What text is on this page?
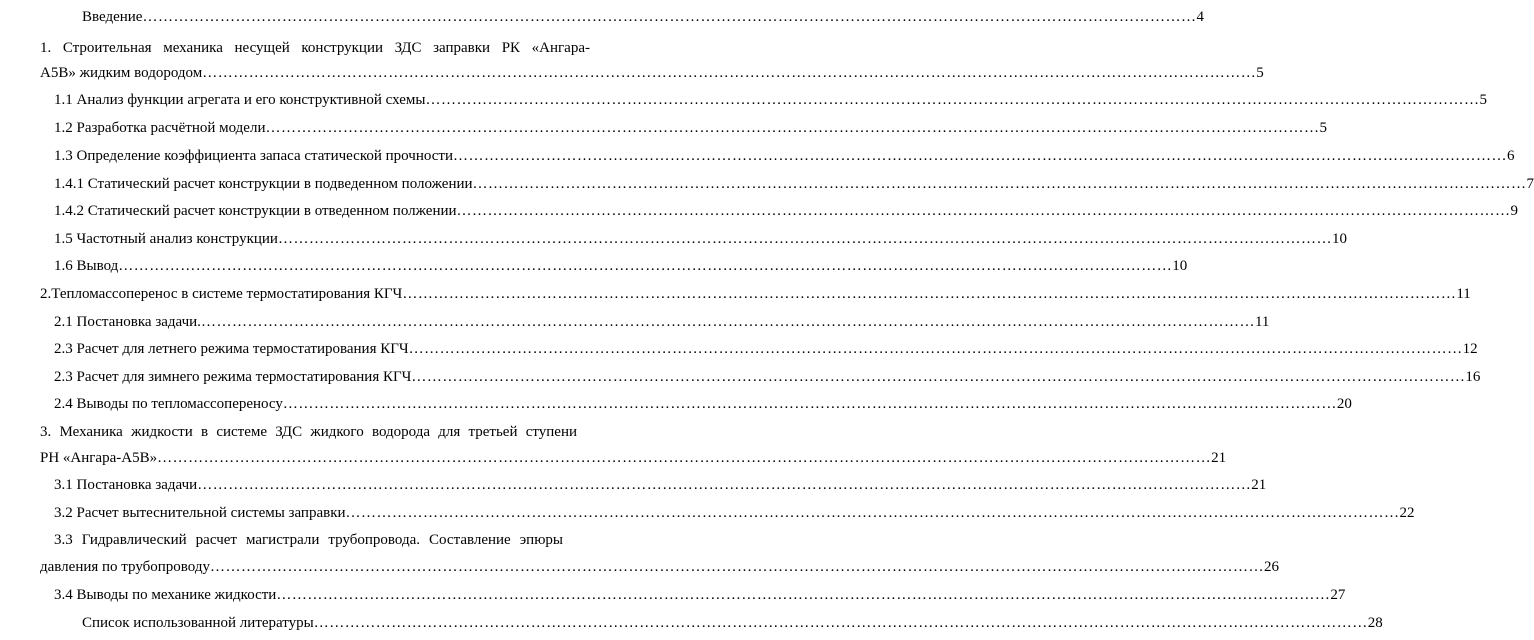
Введение ……………………………………………………………………………………………………………………………………………………………………………………	4
1. Строительная механика несущей конструкции ЗДС заправки РК «Ангара-
А5В» жидким водородом ……………………………………………………………………………………………………………………………………………………………………………………	5
1.1 Анализ функции агрегата и его конструктивной схемы ……………………………………………………………………………………………………………………………………………………………………………………	5
1.2 Разработка расчётной модели ……………………………………………………………………………………………………………………………………………………………………………………	5
1.3 Определение коэффициента запаса статической прочности ……………………………………………………………………………………………………………………………………………………………………………………	6
1.4.1 Статический расчет конструкции в подведенном положении ……………………………………………………………………………………………………………………………………………………………………………………	7
1.4.2 Статический расчет конструкции в отведенном полжении ……………………………………………………………………………………………………………………………………………………………………………………	9
1.5 Частотный анализ конструкции ……………………………………………………………………………………………………………………………………………………………………………………	10
1.6 Вывод ……………………………………………………………………………………………………………………………………………………………………………………	10
2.Тепломассоперенос в системе термостатирования КГЧ ……………………………………………………………………………………………………………………………………………………………………………………	11
2.1 Постановка задачи. ……………………………………………………………………………………………………………………………………………………………………………………	11
2.3 Расчет для летнего режима термостатирования КГЧ ……………………………………………………………………………………………………………………………………………………………………………………	12
2.3 Расчет для зимнего режима термостатирования КГЧ ……………………………………………………………………………………………………………………………………………………………………………………	16
2.4 Выводы по тепломассопереносу ……………………………………………………………………………………………………………………………………………………………………………………	20
3. Механика жидкости в системе ЗДС жидкого водорода для третьей ступени
РН «Ангара-А5В» ……………………………………………………………………………………………………………………………………………………………………………………	21
3.1 Постановка задачи ……………………………………………………………………………………………………………………………………………………………………………………	21
3.2 Расчет вытеснительной системы заправки ……………………………………………………………………………………………………………………………………………………………………………………	22
3.3 Гидравлический расчет магистрали трубопровода. Составление эпюры
давления по трубопроводу ……………………………………………………………………………………………………………………………………………………………………………………	26
3.4 Выводы по механике жидкости ……………………………………………………………………………………………………………………………………………………………………………………	27
Список использованной литературы ……………………………………………………………………………………………………………………………………………………………………………………	28
